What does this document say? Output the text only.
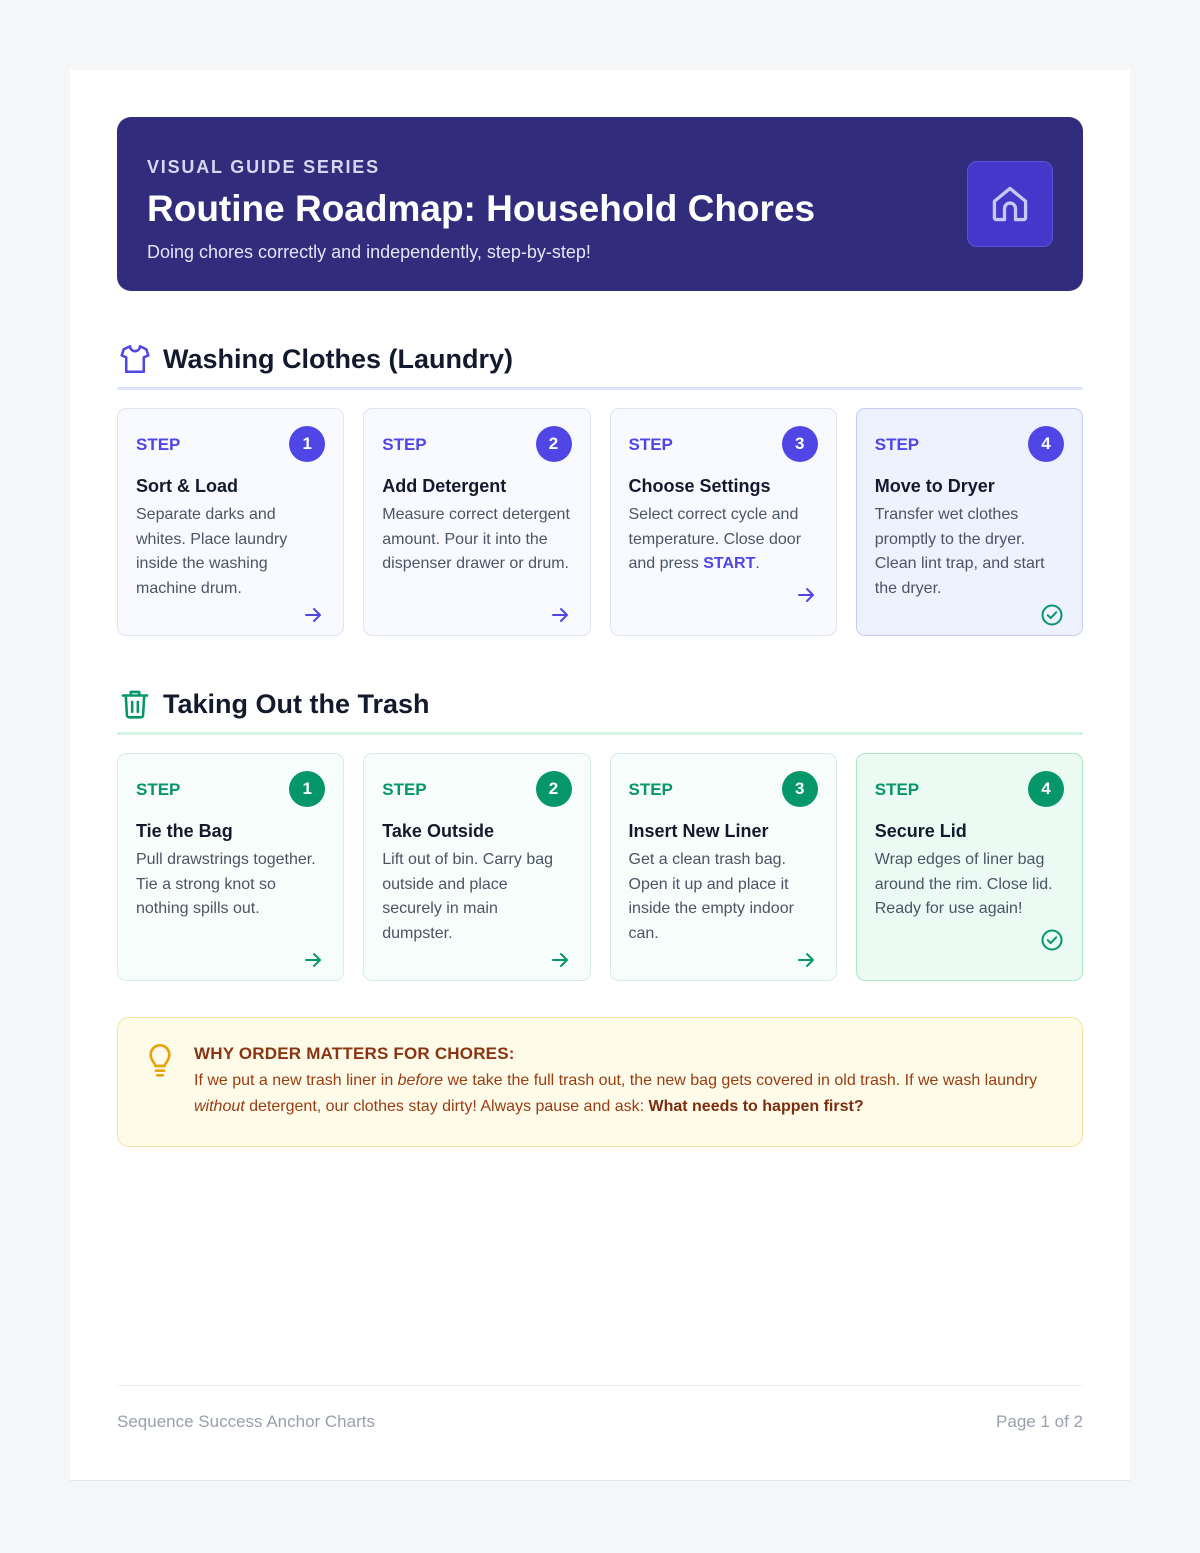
VISUAL GUIDE SERIES
Routine Roadmap: Household Chores
Doing chores correctly and independently, step-by-step!
Washing Clothes (Laundry)
STEP	1
Sort & Load
Separate darks and whites. Place laundry inside the washing machine drum.
STEP	2
Add Detergent
Measure correct detergent amount. Pour it into the dispenser drawer or drum.
STEP	3
Choose Settings
Select correct cycle and temperature. Close door and press START.
STEP	4
Move to Dryer
Transfer wet clothes promptly to the dryer. Clean lint trap, and start the dryer.
Taking Out the Trash
STEP	1
Tie the Bag
Pull drawstrings together. Tie a strong knot so nothing spills out.
STEP	2
Take Outside
Lift out of bin. Carry bag outside and place securely in main dumpster.
STEP	3
Insert New Liner
Get a clean trash bag. Open it up and place it inside the empty indoor can.
STEP	4
Secure Lid
Wrap edges of liner bag around the rim. Close lid. Ready for use again!
WHY ORDER MATTERS FOR CHORES:
If we put a new trash liner in before we take the full trash out, the new bag gets covered in old trash. If we wash laundry without detergent, our clothes stay dirty! Always pause and ask: What needs to happen first?
Sequence Success Anchor Charts	Page 1 of 2
